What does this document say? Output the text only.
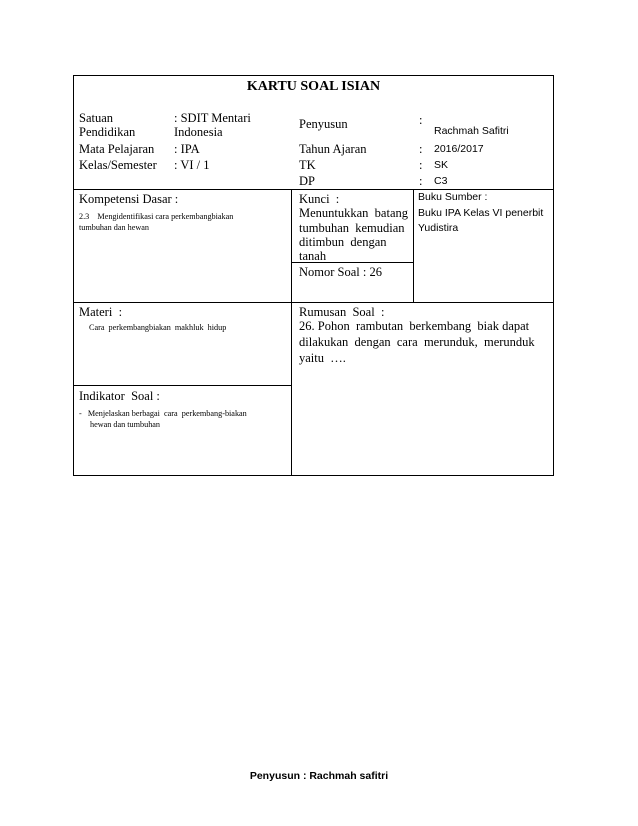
KARTU SOAL ISIAN
Satuan
Pendidikan
: SDIT Mentari
Indonesia
Mata Pelajaran : IPA
Kelas/Semester : VI / 1
Penyusun	:
Rachmah Safitri
Tahun Ajaran	: 2016/2017
TK	: SK
DP	: C3
Kompetensi Dasar :
2.3    Mengidentifikasi cara perkembangbiakan
tumbuhan dan hewan
Kunci  :
Menuntukkan  batang
tumbuhan  kemudian
ditimbun  dengan
tanah
Nomor Soal : 26
Buku Sumber :
Buku IPA Kelas VI penerbit
Yudistira
Materi  :
Cara  perkembangbiakan  makhluk  hidup
Rumusan  Soal  :
26. Pohon  rambutan  berkembang  biak dapat
dilakukan  dengan  cara  merunduk,  merunduk
yaitu  ….
Indikator  Soal :
-   Menjelaskan berbagai  cara  perkembang-biakan
hewan dan tumbuhan
Penyusun : Rachmah safitri
